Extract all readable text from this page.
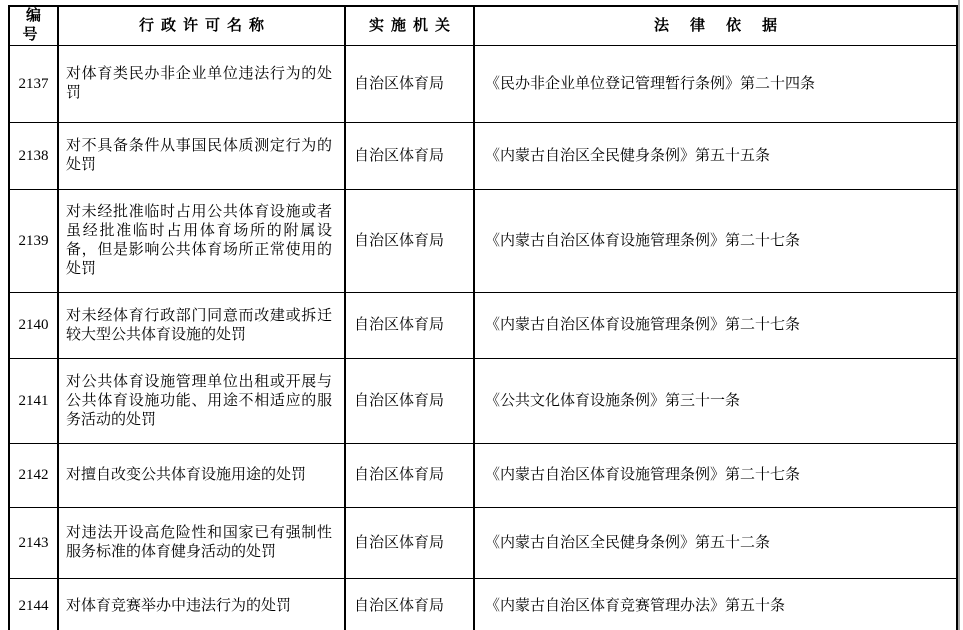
编号	行政许可名称	实施机关	法律依据
2137	对体育类民办非企业单位违法行为的处罚	自治区体育局	《民办非企业单位登记管理暂行条例》第二十四条
2138	对不具备条件从事国民体质测定行为的处罚	自治区体育局	《内蒙古自治区全民健身条例》第五十五条
2139	对未经批准临时占用公共体育设施或者虽经批准临时占用体育场所的附属设备，但是影响公共体育场所正常使用的处罚	自治区体育局	《内蒙古自治区体育设施管理条例》第二十七条
2140	对未经体育行政部门同意而改建或拆迁较大型公共体育设施的处罚	自治区体育局	《内蒙古自治区体育设施管理条例》第二十七条
2141	对公共体育设施管理单位出租或开展与公共体育设施功能、用途不相适应的服务活动的处罚	自治区体育局	《公共文化体育设施条例》第三十一条
2142	对擅自改变公共体育设施用途的处罚	自治区体育局	《内蒙古自治区体育设施管理条例》第二十七条
2143	对违法开设高危险性和国家已有强制性服务标准的体育健身活动的处罚	自治区体育局	《内蒙古自治区全民健身条例》第五十二条
2144	对体育竞赛举办中违法行为的处罚	自治区体育局	《内蒙古自治区体育竞赛管理办法》第五十条
